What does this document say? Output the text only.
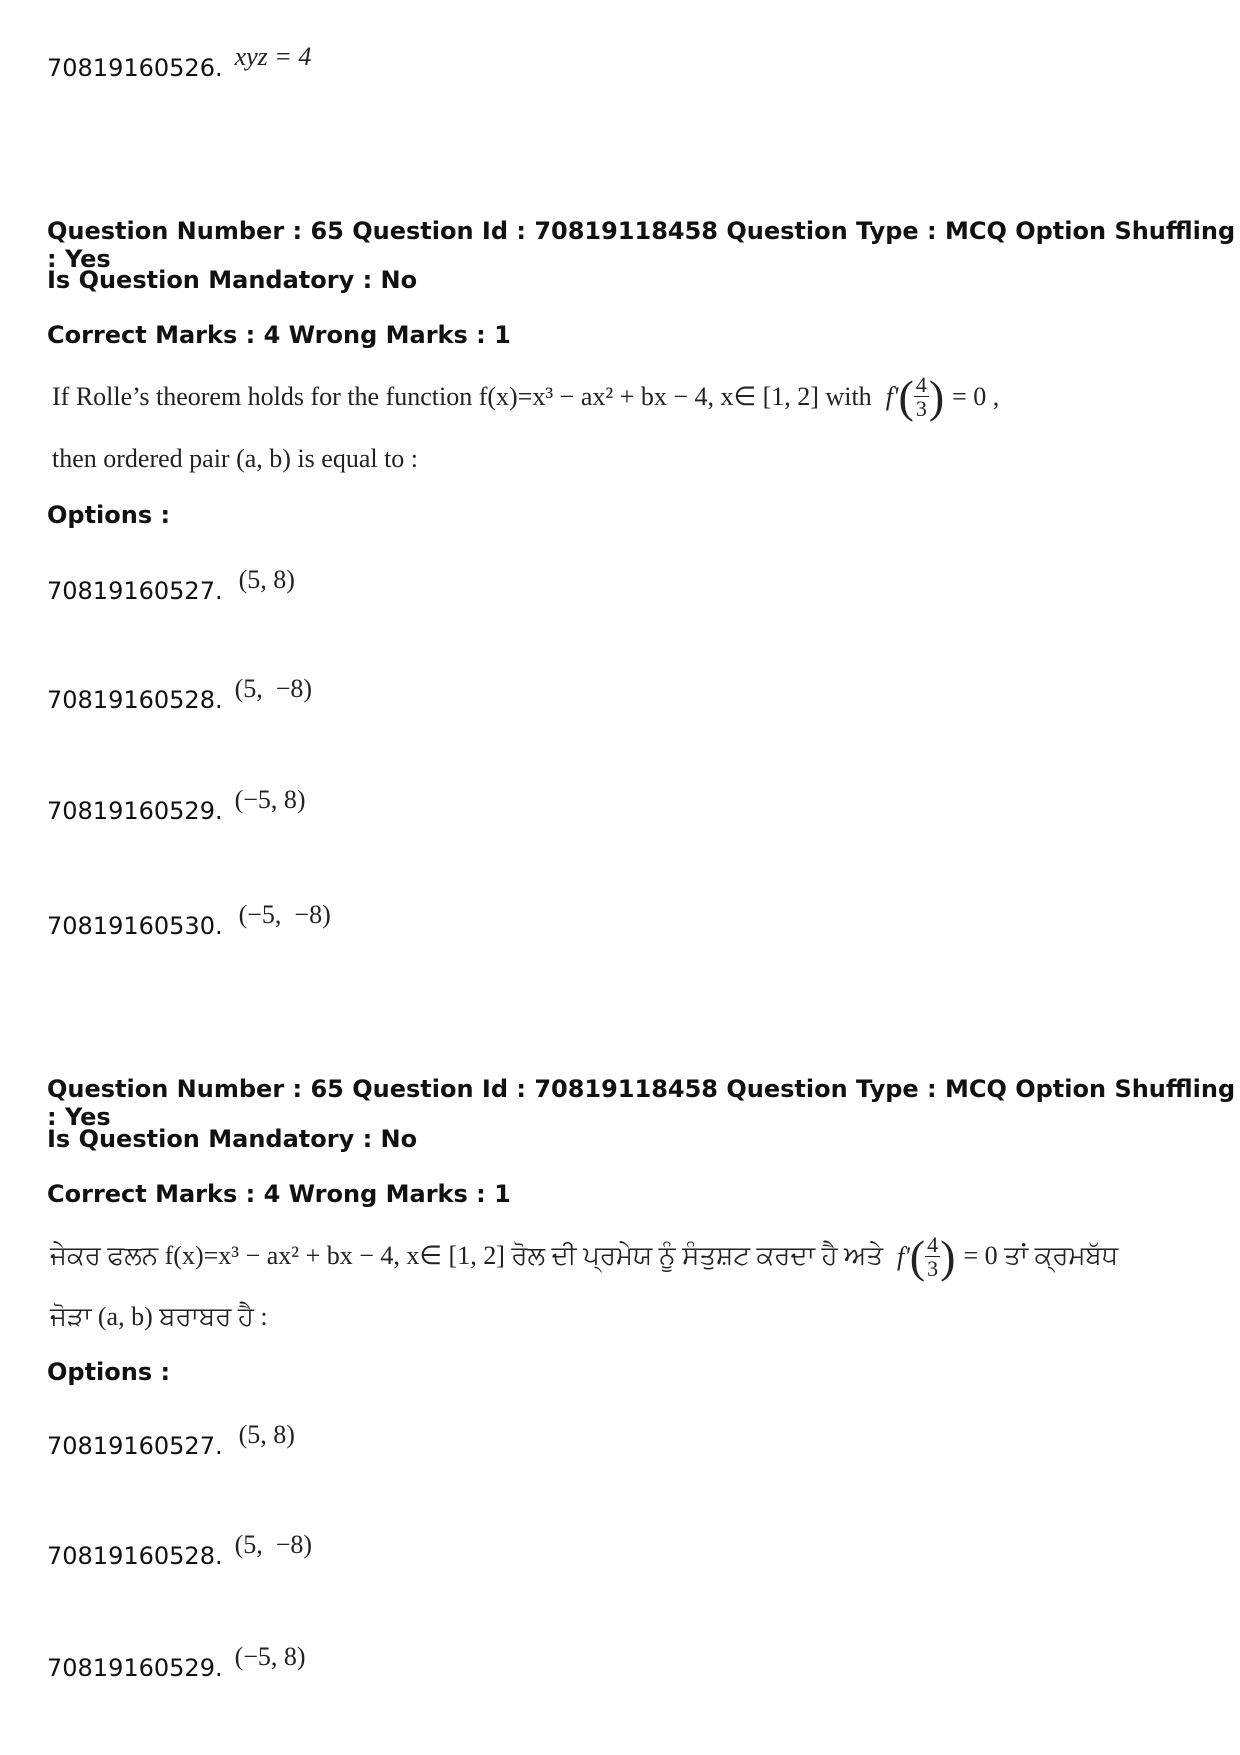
70819160526. xyz = 4
Question Number : 65 Question Id : 70819118458 Question Type : MCQ Option Shuffling : Yes
Is Question Mandatory : No
Correct Marks : 4 Wrong Marks : 1
If Rolle’s theorem holds for the function f(x)=x³ − ax² + bx − 4, x∈ [1, 2] with f' ( $\frac{4}{3}$ ) = 0 ,
then ordered pair (a, b) is equal to :
Options :
70819160527. (5, 8)
70819160528. (5,  −8)
70819160529. (−5, 8)
70819160530. (−5,  −8)
Question Number : 65 Question Id : 70819118458 Question Type : MCQ Option Shuffling : Yes
Is Question Mandatory : No
Correct Marks : 4 Wrong Marks : 1
ਜੇਕਰ ਫਲਨ f(x)=x³ − ax² + bx − 4, x∈ [1, 2] ਰੋਲ ਦੀ ਪ੍ਰਮੇਯ ਨੂੰ ਸੰਤੁਸ਼ਟ ਕਰਦਾ ਹੈ ਅਤੇ f' ( $\frac{4}{3}$ ) = 0 ਤਾਂ ਕ੍ਰਮਬੱਧ
ਜੋੜਾ (a, b) ਬਰਾਬਰ ਹੈ :
Options :
70819160527. (5, 8)
70819160528. (5,  −8)
70819160529. (−5, 8)
